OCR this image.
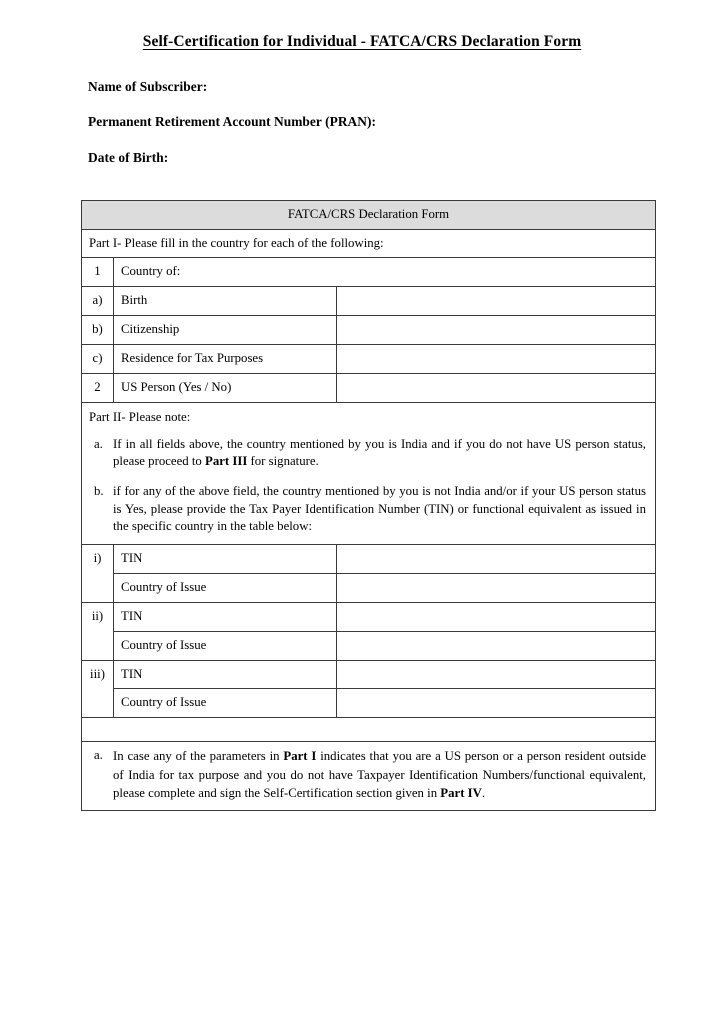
Self-Certification for Individual - FATCA/CRS Declaration Form
Name of Subscriber:
Permanent Retirement Account Number (PRAN):
Date of Birth:
FATCA/CRS Declaration Form		
Part I- Please fill in the country for each of the following:		
1	Country of:	
a)	Birth	
b)	Citizenship	
c)	Residence for Tax Purposes	
2	US Person (Yes / No)	

Part II- Please note:
a. If in all fields above, the country mentioned by you is India and if you do not have US person status, please proceed to Part III for signature.
b. if for any of the above field, the country mentioned by you is not India and/or if your US person status is Yes, please provide the Tax Payer Identification Number (TIN) or functional equivalent as issued in the specific country in the table below:		

i)	TIN	
	Country of Issue	
ii)	TIN	
	Country of Issue	
iii)	TIN	
	Country of Issue	

a. In case any of the parameters in Part I indicates that you are a US person or a person resident outside of India for tax purpose and you do not have Taxpayer Identification Numbers/functional equivalent, please complete and sign the Self-Certification section given in Part IV.		
